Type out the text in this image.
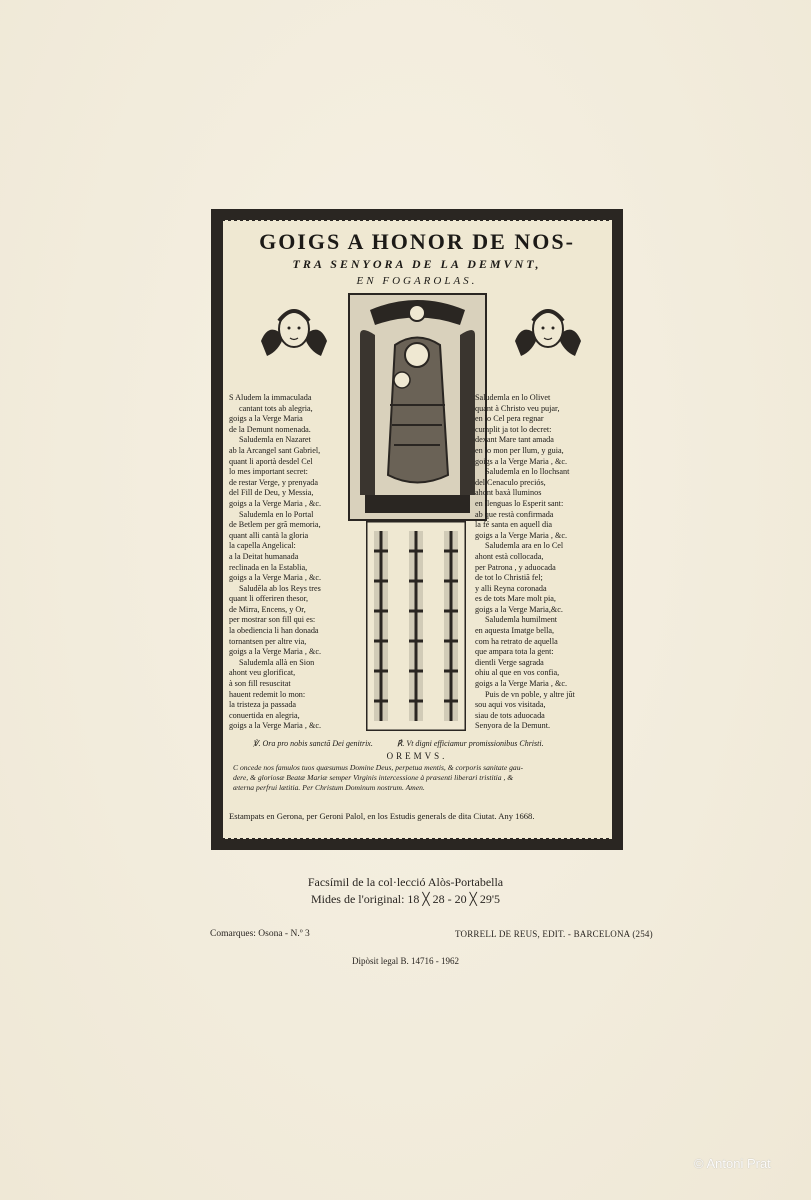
GOIGS A HONOR DE NOS-
TRA SENYORA DE LA DEMVNT,
EN FOGAROLAS.
S Aludem la immaculada
cantant tots ab alegria,
goigs a la Verge Maria
de la Demunt nomenada.
Saludemla en Nazaret
ab la Arcangel sant Gabriel,
quant li aportà desdel Cel
lo mes important secret:
de restar Verge, y prenyada
del Fill de Deu, y Messia,
goigs a la Verge Maria , &c.
Saludemla en lo Portal
de Betlem per grã memoria,
quant alli cantà la gloria
la capella Angelical:
a la Deitat humanada
reclinada en la Establia,
goigs a la Verge Maria , &c.
Saludẽla ab los Reys tres
quant li offeriren thesor,
de Mirra, Encens, y Or,
per mostrar son fill qui es:
la obediencia li han donada
tornantsen per altre via,
goigs a la Verge Maria , &c.
Saludemla allà en Sion
ahont veu glorificat,
à son fill resuscitat
hauent redemit lo mon:
la tristeza ja passada
conuertida en alegria,
goigs a la Verge Maria , &c.
Saludemla en lo Olivet
quant à Christo veu pujar,
en lo Cel pera regnar
cumplit ja tot lo decret:
dexant Mare tant amada
en lo mon per llum, y guia,
goigs a la Verge Maria , &c.
Saludemla en lo llochsant
del Cenaculo preciós,
ahont baxà lluminos
en llenguas lo Esperit sant:
ab que restà confirmada
la fé santa en aquell dia
goigs a la Verge Maria , &c.
Saludemla ara en lo Cel
ahont està collocada,
per Patrona , y aduocada
de tot lo Christiã fel;
y alli Reyna coronada
es de tots Mare molt pia,
goigs a la Verge Maria,&c.
Saludemla humilment
en aquesta Imatge bella,
com ha retrato de aquella
que ampara tota la gent:
dientli Verge sagrada
ohiu al que en vos confia,
goigs a la Verge Maria , &c.
Puis de vn poble, y altre jũt
sou aqui vos visitada,
siau de tots aduocada
Senyora de la Demunt.
℣. Ora pro nobis sanctã Dei genitrix.	℟. Vt digni efficiamur promissionibus Christi.
OREMVS.
C oncede nos famulos tuos quæsumus Domine Deus, perpetua mentis, & corporis sanitate gau-
dere, & gloriosæ Beatæ Mariæ semper Virginis intercessione à præsenti liberari tristitia , &
æterna perfrui lætitia. Per Christum Dominum nostrum. Amen.
Estampats en Gerona, per Geroni Palol, en los Estudis generals de dita Ciutat. Any 1668.
Facsímil de la col·lecció Alòs-Portabella
Mides de l'original: 18 ╳ 28 - 20 ╳ 29'5
Comarques: Osona - N.º 3	TORRELL DE REUS, EDIT. - BARCELONA (254)
Dipòsit legal B. 14716 - 1962
© Antoni Prat
